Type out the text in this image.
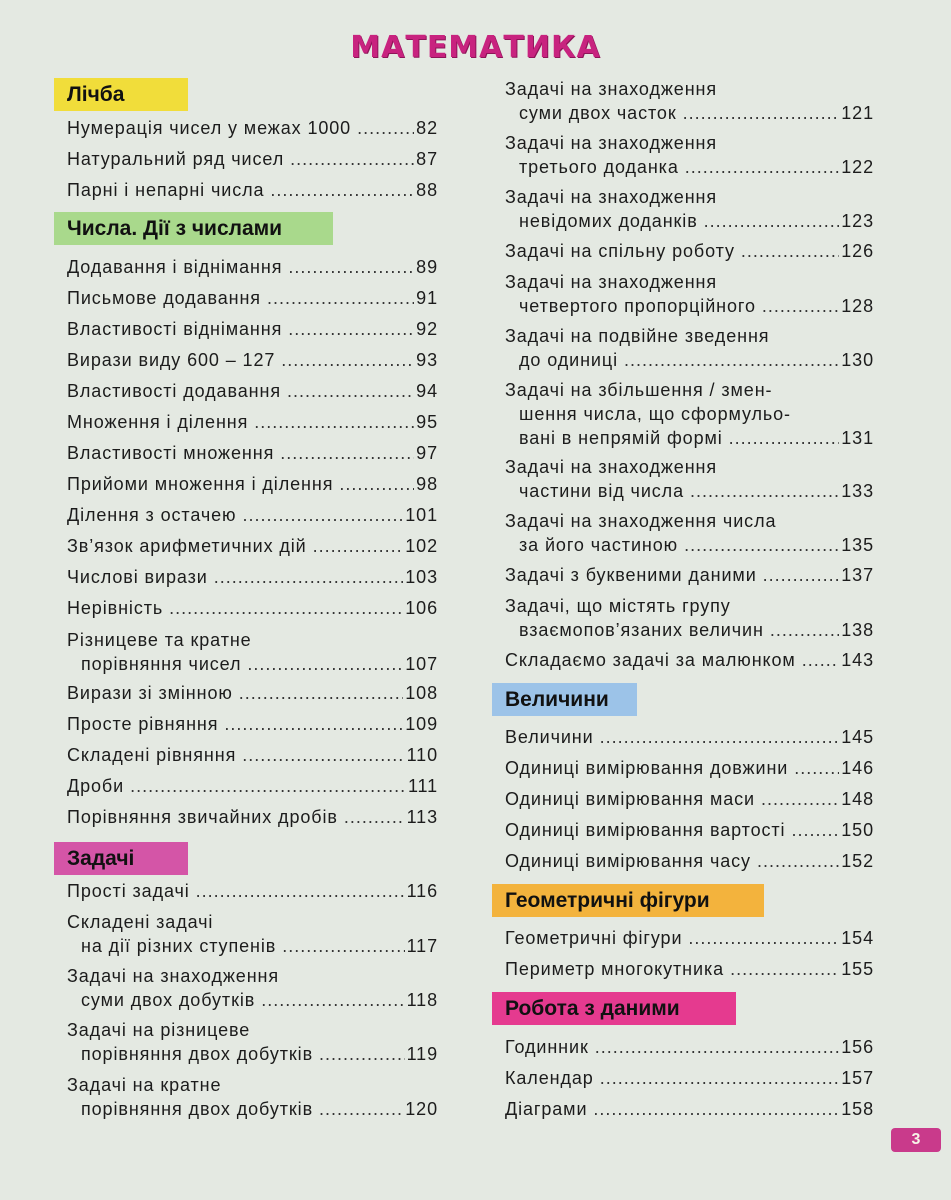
МАТЕМАТИКА
Лічба
Нумерація чисел у межах 1000 .....	82
Натуральний ряд чисел .....	87
Парні і непарні числа .....	88
Числа. Дії з числами
Додавання і віднімання .....	89
Письмове додавання .....	91
Властивості віднімання .....	92
Вирази виду 600 – 127 .....	93
Властивості додавання .....	94
Множення і ділення .....	95
Властивості множення .....	97
Прийоми множення і ділення .....	98
Ділення з остачею .....	101
Зв’язок арифметичних дій .....	102
Числові вирази .....	103
Нерівність .....	106
Різницеве та кратне
порівняння чисел .....	107
Вирази зі змінною .....	108
Просте рівняння .....	109
Складені рівняння .....	110
Дроби .....	111
Порівняння звичайних дробів .....	113
Задачі
Прості задачі .....	116
Складені задачі
на дії різних ступенів .....	117
Задачі на знаходження
суми двох добутків .....	118
Задачі на різницеве
порівняння двох добутків .....	119
Задачі на кратне
порівняння двох добутків .....	120
Задачі на знаходження
суми двох часток .....	121
Задачі на знаходження
третього доданка .....	122
Задачі на знаходження
невідомих доданків .....	123
Задачі на спільну роботу .....	126
Задачі на знаходження
четвертого пропорційного .....	128
Задачі на подвійне зведення
до одиниці .....	130
Задачі на збільшення / змен-
шення числа, що сформульо-
вані в непрямій формі .....	131
Задачі на знаходження
частини від числа .....	133
Задачі на знаходження числа
за його частиною .....	135
Задачі з буквеними даними .....	137
Задачі, що містять групу
взаємопов’язаних величин .....	138
Складаємо задачі за малюнком .....	143
Величини
Величини .....	145
Одиниці вимірювання довжини .....	146
Одиниці вимірювання маси .....	148
Одиниці вимірювання вартості .....	150
Одиниці вимірювання часу .....	152
Геометричні фігури
Геометричні фігури .....	154
Периметр многокутника .....	155
Робота з даними
Годинник .....	156
Календар .....	157
Діаграми .....	158
3
